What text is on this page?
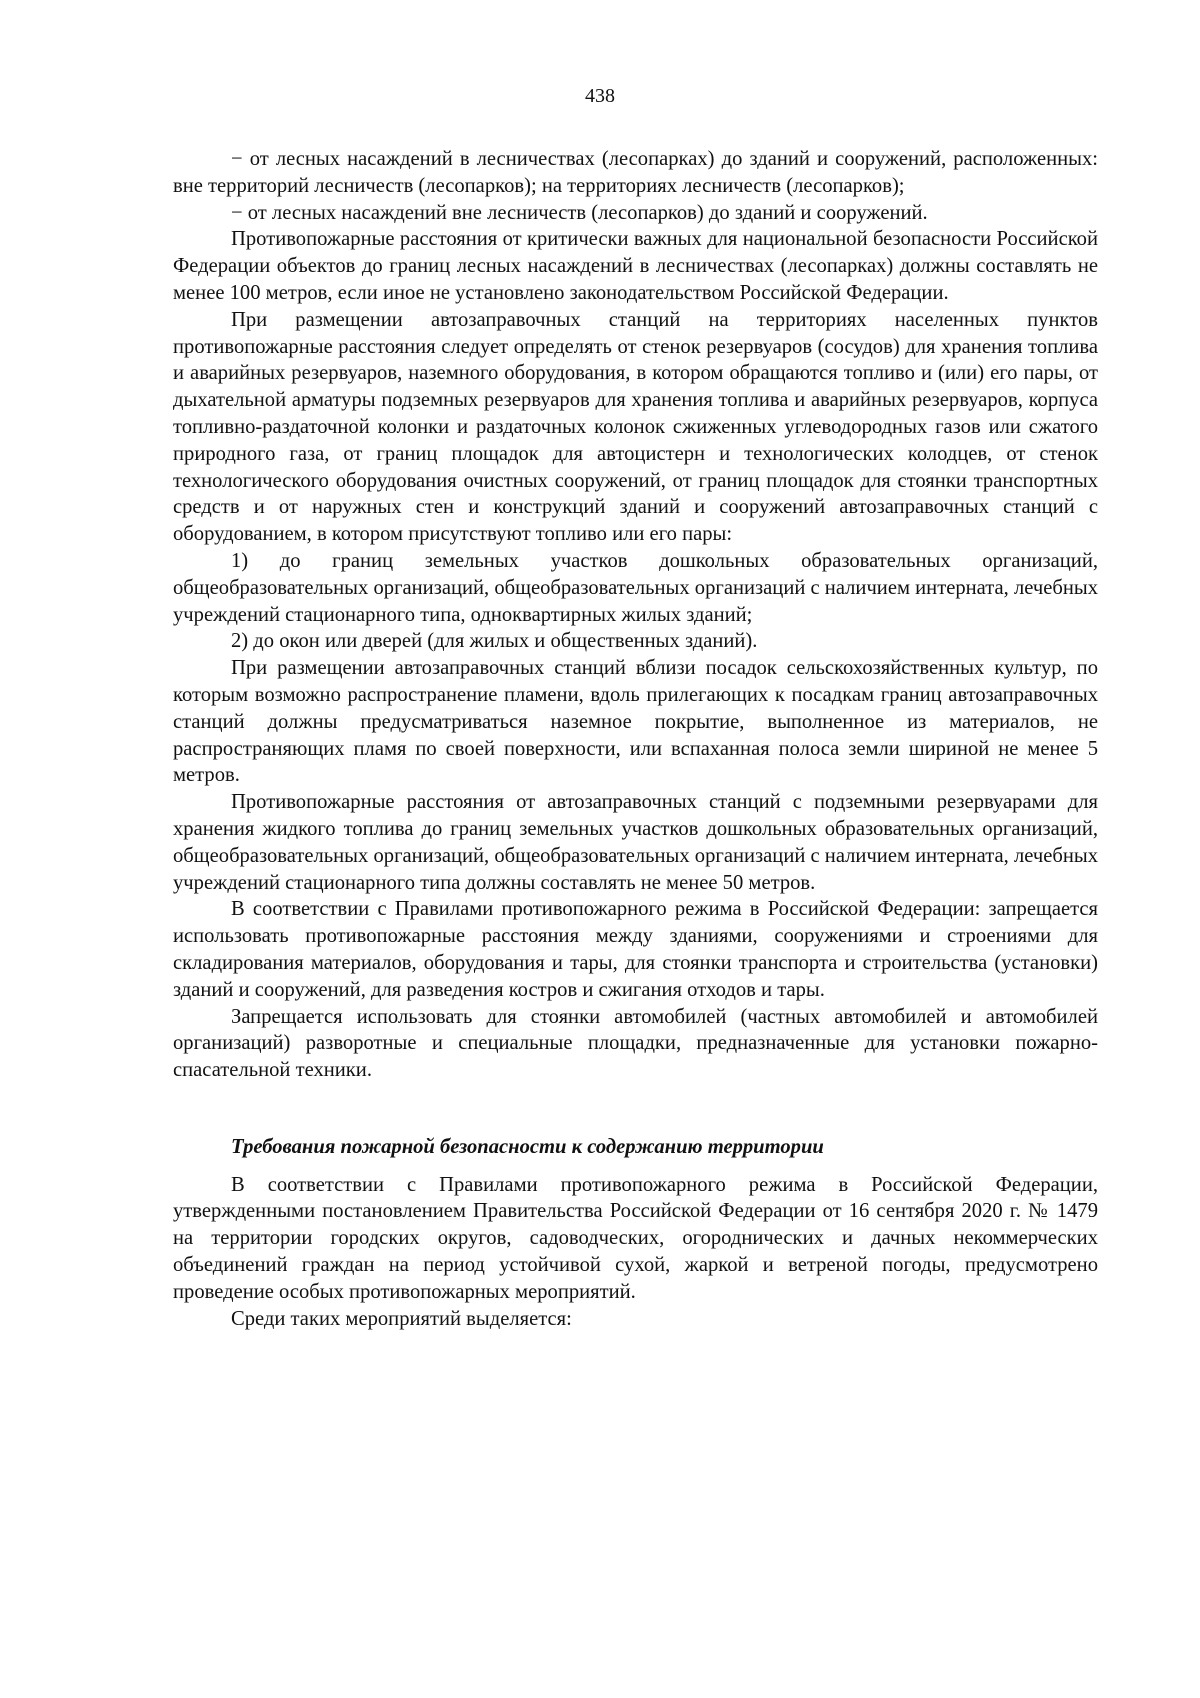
438

− от лесных насаждений в лесничествах (лесопарках) до зданий и сооружений, расположенных: вне территорий лесничеств (лесопарков); на территориях лесничеств (лесопарков);

− от лесных насаждений вне лесничеств (лесопарков) до зданий и сооружений.

Противопожарные расстояния от критически важных для национальной безопасности Российской Федерации объектов до границ лесных насаждений в лесничествах (лесопарках) должны составлять не менее 100 метров, если иное не установлено законодательством Российской Федерации.

При размещении автозаправочных станций на территориях населенных пунктов противопожарные расстояния следует определять от стенок резервуаров (сосудов) для хранения топлива и аварийных резервуаров, наземного оборудования, в котором обращаются топливо и (или) его пары, от дыхательной арматуры подземных резервуаров для хранения топлива и аварийных резервуаров, корпуса топливно-раздаточной колонки и раздаточных колонок сжиженных углеводородных газов или сжатого природного газа, от границ площадок для автоцистерн и технологических колодцев, от стенок технологического оборудования очистных сооружений, от границ площадок для стоянки транспортных средств и от наружных стен и конструкций зданий и сооружений автозаправочных станций с оборудованием, в котором присутствуют топливо или его пары:

1) до границ земельных участков дошкольных образовательных организаций, общеобразовательных организаций, общеобразовательных организаций с наличием интерната, лечебных учреждений стационарного типа, одноквартирных жилых зданий;

2) до окон или дверей (для жилых и общественных зданий).

При размещении автозаправочных станций вблизи посадок сельскохозяйственных культур, по которым возможно распространение пламени, вдоль прилегающих к посадкам границ автозаправочных станций должны предусматриваться наземное покрытие, выполненное из материалов, не распространяющих пламя по своей поверхности, или вспаханная полоса земли шириной не менее 5 метров.

Противопожарные расстояния от автозаправочных станций с подземными резервуарами для хранения жидкого топлива до границ земельных участков дошкольных образовательных организаций, общеобразовательных организаций, общеобразовательных организаций с наличием интерната, лечебных учреждений стационарного типа должны составлять не менее 50 метров.

В соответствии с Правилами противопожарного режима в Российской Федерации: запрещается использовать противопожарные расстояния между зданиями, сооружениями и строениями для складирования материалов, оборудования и тары, для стоянки транспорта и строительства (установки) зданий и сооружений, для разведения костров и сжигания отходов и тары.

Запрещается использовать для стоянки автомобилей (частных автомобилей и автомобилей организаций) разворотные и специальные площадки, предназначенные для установки пожарно-спасательной техники.

Требования пожарной безопасности к содержанию территории

В соответствии с Правилами противопожарного режима в Российской Федерации, утвержденными постановлением Правительства Российской Федерации от 16 сентября 2020 г. № 1479 на территории городских округов, садоводческих, огороднических и дачных некоммерческих объединений граждан на период устойчивой сухой, жаркой и ветреной погоды, предусмотрено проведение особых противопожарных мероприятий.

Среди таких мероприятий выделяется:
